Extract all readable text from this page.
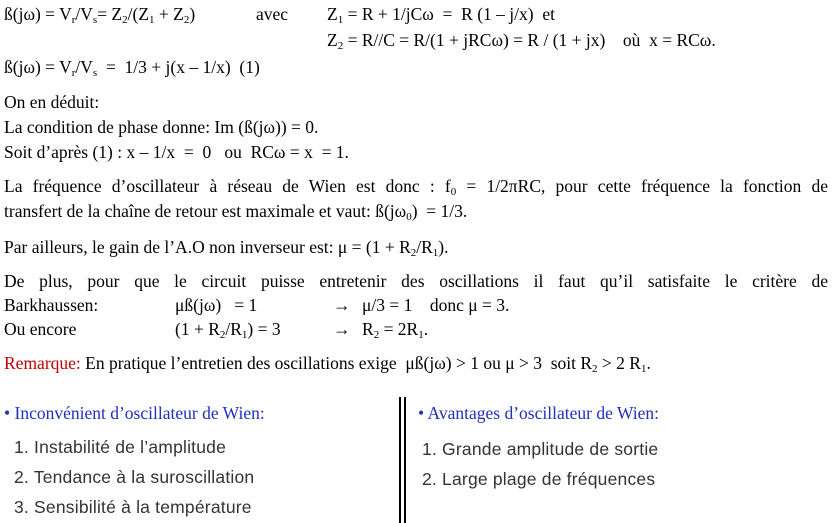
ß(jω) = $V_r/V_s= Z_2/(Z_1 + Z_2)$	avec $Z_1 = R + 1/jC\omega = R$ (1 – j/x)  et
$Z_2 = R//C = R/(1 + jRC\omega) = R / (1 + jx)$    où  x = RCω.
ß(jω) = $V_r/V_s = 1/3 + j(x - 1/x)$  (1)
On en déduit:
La condition de phase donne: Im (ß(jω)) = 0.
Soit d’après (1) : x – 1/x  =  0   ou  RCω = x  = 1.
La fréquence d’oscillateur à réseau de Wien est donc : $f_0 = 1/2\pi RC$, pour cette fréquence la fonction de
transfert de la chaîne de retour est maximale et vaut: $ß(j\omega_0) = 1/3$.
Par ailleurs, le gain de l’A.O non inverseur est: $\mu = (1 + R_2/R_1)$.
De plus, pour que le circuit puisse entretenir des oscillations il faut qu’il satisfaite le critère de
Barkhaussen:	μß(jω)   = 1	→ μ/3 = 1    donc μ = 3.
Ou encore	$(1 + R_2/R_1) = 3$	→ $R_2 = 2R_1$.
Remarque: En pratique l’entretien des oscillations exige  μß(jω) > 1 ou μ > 3  soit $R_2 > 2$ $R_1$.
• Inconvénient d’oscillateur de Wien:
1. Instabilité de l’amplitude
2. Tendance à la suroscillation
3. Sensibilité à la température
• Avantages d’oscillateur de Wien:
1. Grande amplitude de sortie
2. Large plage de fréquences
